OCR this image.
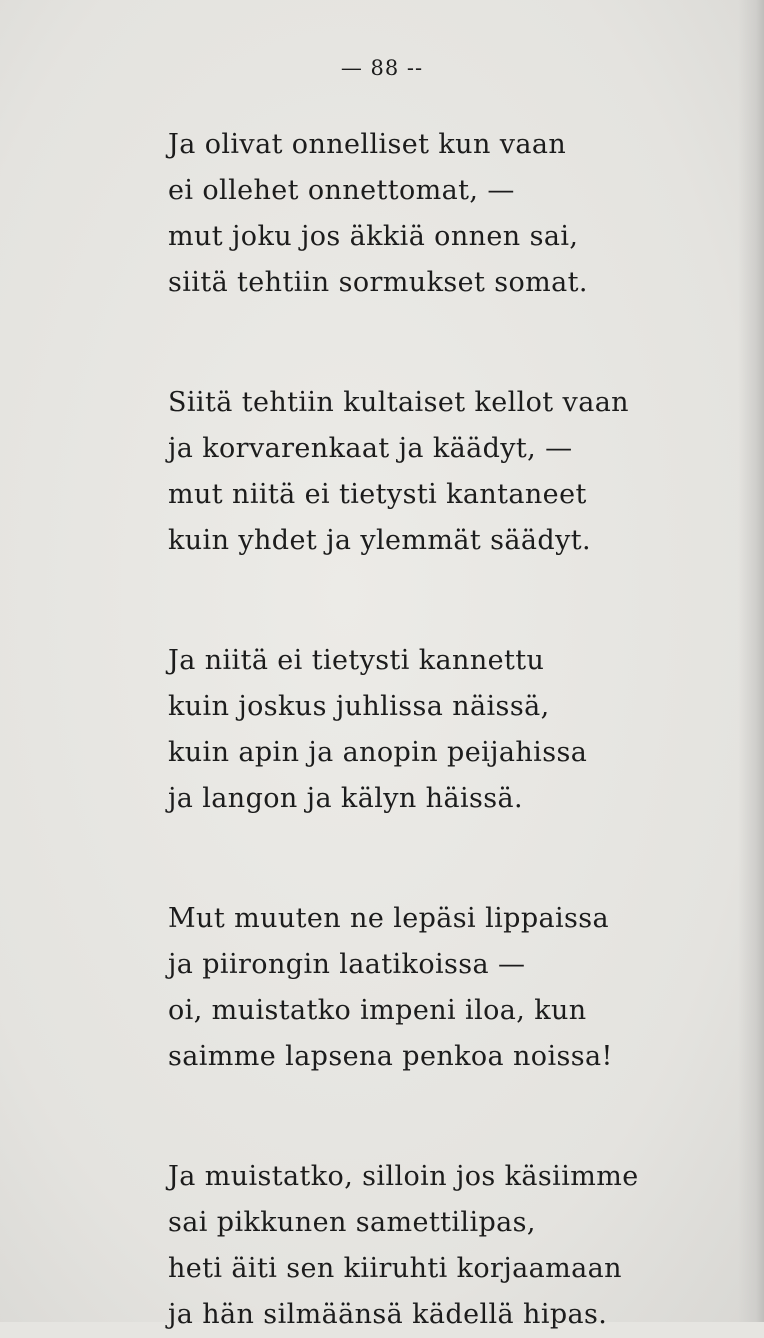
— 88 --
Ja olivat onnelliset kun vaan
ei ollehet onnettomat, —
mut joku jos äkkiä onnen sai,
siitä tehtiin sormukset somat.
Siitä tehtiin kultaiset kellot vaan
ja korvarenkaat ja käädyt, —
mut niitä ei tietysti kantaneet
kuin yhdet ja ylemmät säädyt.
Ja niitä ei tietysti kannettu
kuin joskus juhlissa näissä,
kuin apin ja anopin peijahissa
ja langon ja kälyn häissä.
Mut muuten ne lepäsi lippaissa
ja piirongin laatikoissa —
oi, muistatko impeni iloa, kun
saimme lapsena penkoa noissa!
Ja muistatko, silloin jos käsiimme
sai pikkunen samettilipas,
heti äiti sen kiiruhti korjaamaan
ja hän silmäänsä kädellä hipas.
